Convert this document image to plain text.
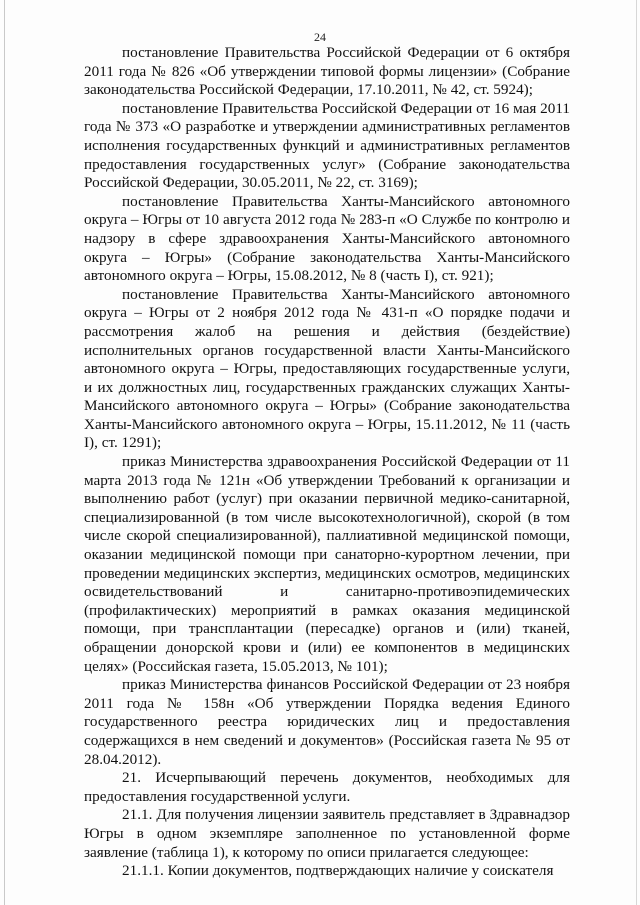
24

постановление Правительства Российской Федерации от 6 октября 2011 года № 826 «Об утверждении типовой формы лицензии» (Собрание законодательства Российской Федерации, 17.10.2011, № 42, ст. 5924);

постановление Правительства Российской Федерации от 16 мая 2011 года № 373 «О разработке и утверждении административных регламентов исполнения государственных функций и административных регламентов предоставления государственных услуг» (Собрание законодательства Российской Федерации, 30.05.2011, № 22, ст. 3169);

постановление Правительства Ханты-Мансийского автономного округа – Югры от 10 августа 2012 года № 283-п «О Службе по контролю и надзору в сфере здравоохранения Ханты-Мансийского автономного округа – Югры» (Собрание законодательства Ханты-Мансийского автономного округа – Югры, 15.08.2012, № 8 (часть I), ст. 921);

постановление Правительства Ханты-Мансийского автономного округа – Югры от 2 ноября 2012 года № 431-п «О порядке подачи и рассмотрения жалоб на решения и действия (бездействие) исполнительных органов государственной власти Ханты-Мансийского автономного округа – Югры, предоставляющих государственные услуги, и их должностных лиц, государственных гражданских служащих Ханты-Мансийского автономного округа – Югры» (Собрание законодательства Ханты-Мансийского автономного округа – Югры, 15.11.2012, № 11 (часть I), ст. 1291);

приказ Министерства здравоохранения Российской Федерации от 11 марта 2013 года № 121н «Об утверждении Требований к организации и выполнению работ (услуг) при оказании первичной медико-санитарной, специализированной (в том числе высокотехнологичной), скорой (в том числе скорой специализированной), паллиативной медицинской помощи, оказании медицинской помощи при санаторно-курортном лечении, при проведении медицинских экспертиз, медицинских осмотров, медицинских освидетельствований и санитарно-противоэпидемических (профилактических) мероприятий в рамках оказания медицинской помощи, при трансплантации (пересадке) органов и (или) тканей, обращении донорской крови и (или) ее компонентов в медицинских целях» (Российская газета, 15.05.2013, № 101);

приказ Министерства финансов Российской Федерации от 23 ноября 2011 года № 158н «Об утверждении Порядка ведения Единого государственного реестра юридических лиц и предоставления содержащихся в нем сведений и документов» (Российская газета № 95 от 28.04.2012).

21. Исчерпывающий перечень документов, необходимых для предоставления государственной услуги.

21.1. Для получения лицензии заявитель представляет в Здравнадзор Югры в одном экземпляре заполненное по установленной форме заявление (таблица 1), к которому по описи прилагается следующее:

21.1.1. Копии документов, подтверждающих наличие у соискателя
